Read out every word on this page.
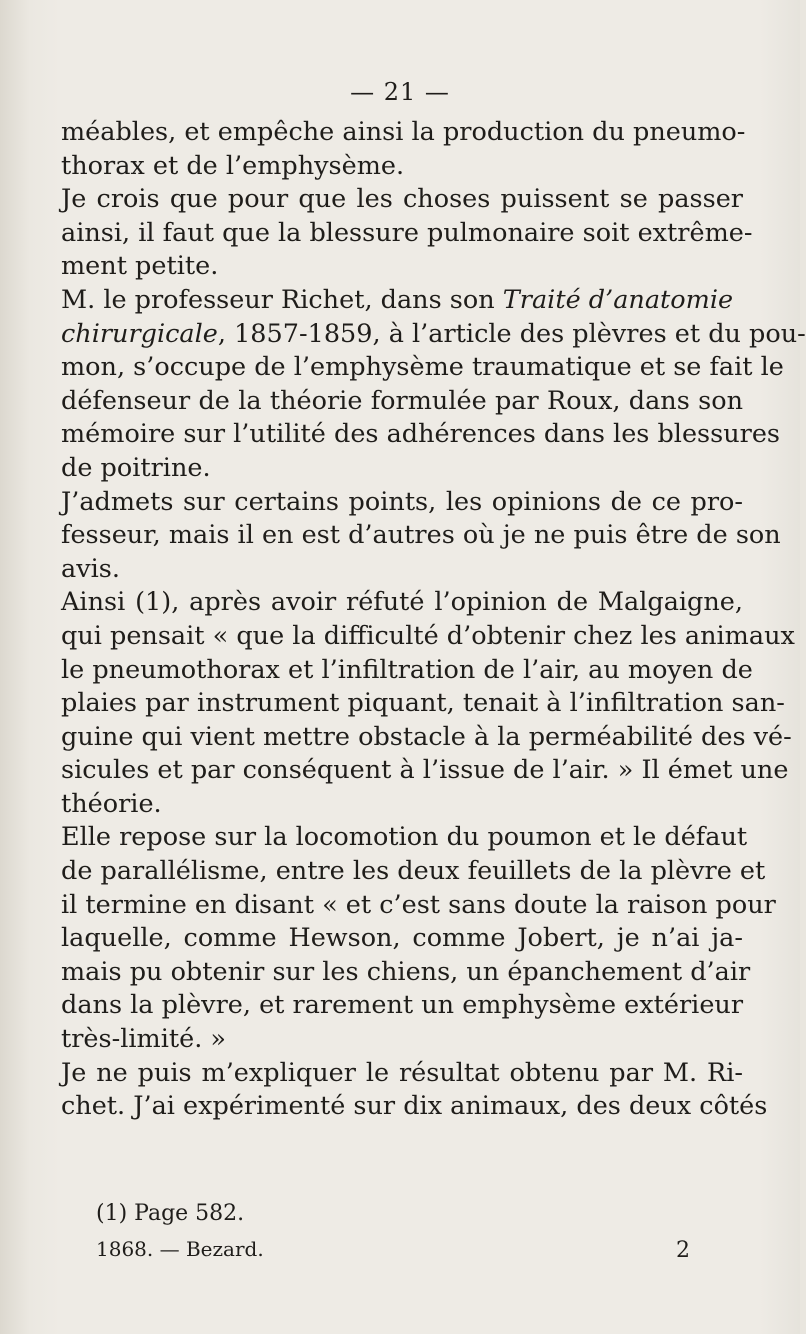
— 21 —
méables, et empêche ainsi la production du pneumo-
thorax et de l’emphysème.
Je crois que pour que les choses puissent se passer
ainsi, il faut que la blessure pulmonaire soit extrême-
ment petite.
M. le professeur Richet, dans son Traité d’anatomie
chirurgicale, 1857-1859, à l’article des plèvres et du pou-
mon, s’occupe de l’emphysème traumatique et se fait le
défenseur de la théorie formulée par Roux, dans son
mémoire sur l’utilité des adhérences dans les blessures
de poitrine.
J’admets sur certains points, les opinions de ce pro-
fesseur, mais il en est d’autres où je ne puis être de son
avis.
Ainsi (1), après avoir réfuté l’opinion de Malgaigne,
qui pensait « que la difficulté d’obtenir chez les animaux
le pneumothorax et l’infiltration de l’air, au moyen de
plaies par instrument piquant, tenait à l’infiltration san-
guine qui vient mettre obstacle à la perméabilité des vé-
sicules et par conséquent à l’issue de l’air. » Il émet une
théorie.
Elle repose sur la locomotion du poumon et le défaut
de parallélisme, entre les deux feuillets de la plèvre et
il termine en disant « et c’est sans doute la raison pour
laquelle, comme Hewson, comme Jobert, je n’ai ja-
mais pu obtenir sur les chiens, un épanchement d’air
dans la plèvre, et rarement un emphysème extérieur
très-limité. »
Je ne puis m’expliquer le résultat obtenu par M. Ri-
chet. J’ai expérimenté sur dix animaux, des deux côtés
(1) Page 582.
1868. — Bezard.	2
